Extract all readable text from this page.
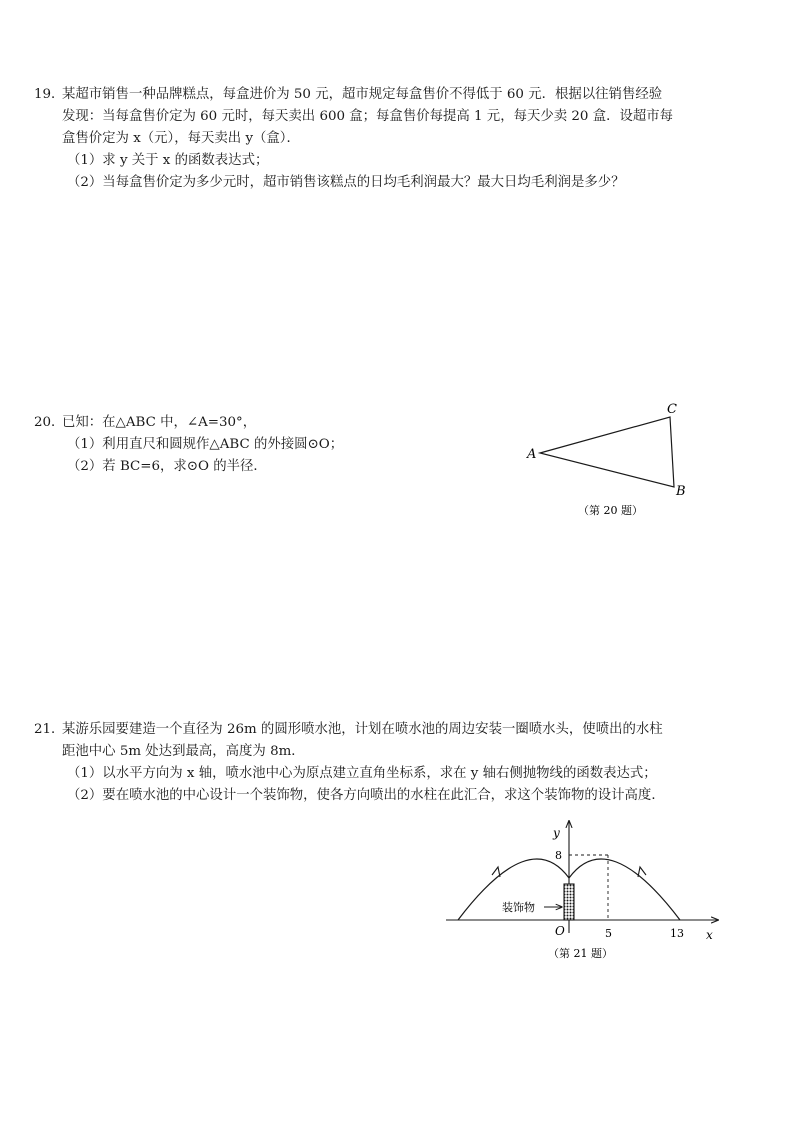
19．某超市销售一种品牌糕点，每盒进价为 50 元，超市规定每盒售价不得低于 60 元．根据以往销售经验
发现：当每盒售价定为 60 元时，每天卖出 600 盒；每盒售价每提高 1 元，每天少卖 20 盒．设超市每
盒售价定为 x（元），每天卖出 y（盒）．
（1）求 y 关于 x 的函数表达式；
（2）当每盒售价定为多少元时，超市销售该糕点的日均毛利润最大？最大日均毛利润是多少？
20．已知：在△ABC 中，∠A=30°，
（1）利用直尺和圆规作△ABC 的外接圆⊙O；
（2）若 BC=6，求⊙O 的半径．
A
C
B
（第 20 题）
21．某游乐园要建造一个直径为 26m 的圆形喷水池，计划在喷水池的周边安装一圈喷水头，使喷出的水柱
距池中心 5m 处达到最高，高度为 8m．
（1）以水平方向为 x 轴，喷水池中心为原点建立直角坐标系，求在 y 轴右侧抛物线的函数表达式；
（2）要在喷水池的中心设计一个装饰物，使各方向喷出的水柱在此汇合，求这个装饰物的设计高度．
装饰物
y
x
8
O	5	13
（第 21 题）
